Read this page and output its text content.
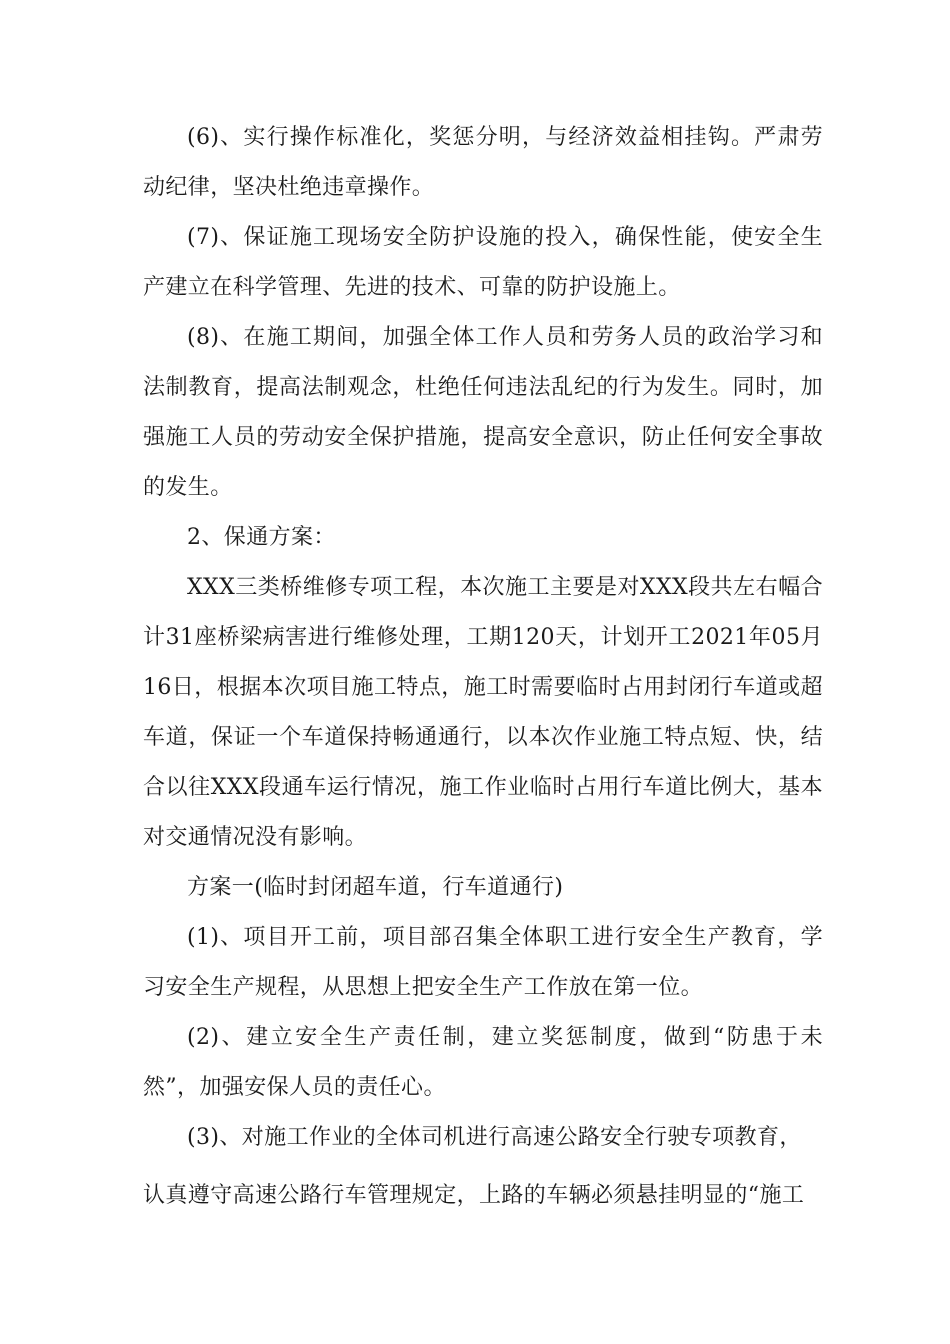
(6)、实行操作标准化，奖惩分明，与经济效益相挂钩。严肃劳动纪律，坚决杜绝违章操作。

(7)、保证施工现场安全防护设施的投入，确保性能，使安全生产建立在科学管理、先进的技术、可靠的防护设施上。

(8)、在施工期间，加强全体工作人员和劳务人员的政治学习和法制教育，提高法制观念，杜绝任何违法乱纪的行为发生。同时，加强施工人员的劳动安全保护措施，提高安全意识，防止任何安全事故的发生。

2、保通方案：

XXX三类桥维修专项工程，本次施工主要是对XXX段共左右幅合计31座桥梁病害进行维修处理，工期120天，计划开工2021年05月16日，根据本次项目施工特点，施工时需要临时占用封闭行车道或超车道，保证一个车道保持畅通通行，以本次作业施工特点短、快，结合以往XXX段通车运行情况，施工作业临时占用行车道比例大，基本对交通情况没有影响。

方案一(临时封闭超车道，行车道通行)

(1)、项目开工前，项目部召集全体职工进行安全生产教育，学习安全生产规程，从思想上把安全生产工作放在第一位。

(2)、建立安全生产责任制，建立奖惩制度，做到“防患于未然”，加强安保人员的责任心。

(3)、对施工作业的全体司机进行高速公路安全行驶专项教育，

认真遵守高速公路行车管理规定，上路的车辆必须悬挂明显的“施工
